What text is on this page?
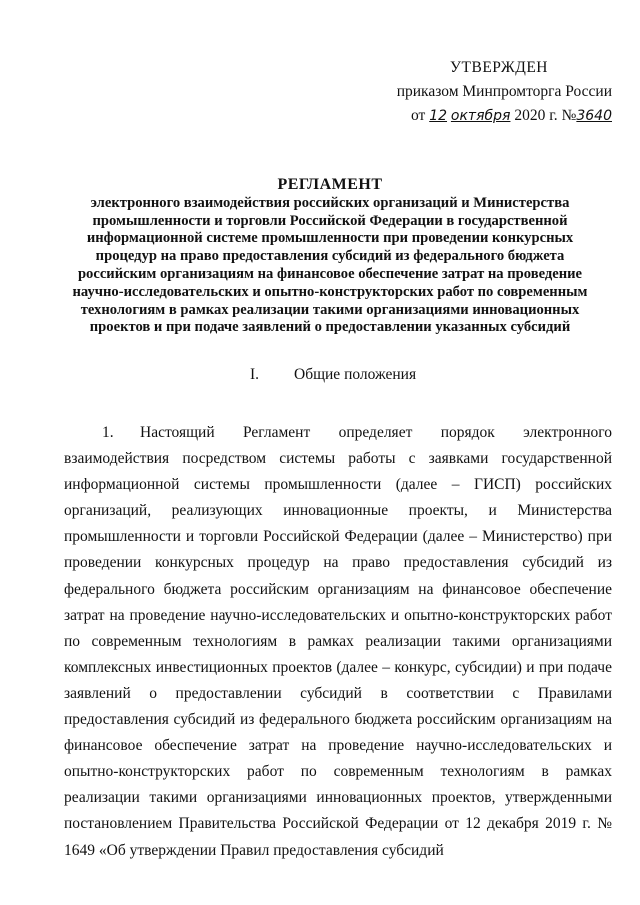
УТВЕРЖДЕН
приказом Минпромторга России
от 12 октября 2020 г. №3640
РЕГЛАМЕНТ
электронного взаимодействия российских организаций и Министерства
промышленности и торговли Российской Федерации в государственной
информационной системе промышленности при проведении конкурсных
процедур на право предоставления субсидий из федерального бюджета
российским организациям на финансовое обеспечение затрат на проведение
научно-исследовательских и опытно-конструкторских работ по современным
технологиям в рамках реализации такими организациями инновационных
проектов и при подаче заявлений о предоставлении указанных субсидий
I. Общие положения

1. Настоящий Регламент определяет порядок электронного взаимодействия посредством системы работы с заявками государственной информационной системы промышленности (далее – ГИСП) российских организаций, реализующих инновационные проекты, и Министерства промышленности и торговли Российской Федерации (далее – Министерство) при проведении конкурсных процедур на право предоставления субсидий из федерального бюджета российским организациям на финансовое обеспечение затрат на проведение научно-исследовательских и опытно-конструкторских работ по современным технологиям в рамках реализации такими организациями комплексных инвестиционных проектов (далее – конкурс, субсидии) и при подаче заявлений о предоставлении субсидий в соответствии с Правилами предоставления субсидий из федерального бюджета российским организациям на финансовое обеспечение затрат на проведение научно-исследовательских и опытно-конструкторских работ по современным технологиям в рамках реализации такими организациями инновационных проектов, утвержденными постановлением Правительства Российской Федерации от 12 декабря 2019 г. № 1649 «Об утверждении Правил предоставления субсидий
